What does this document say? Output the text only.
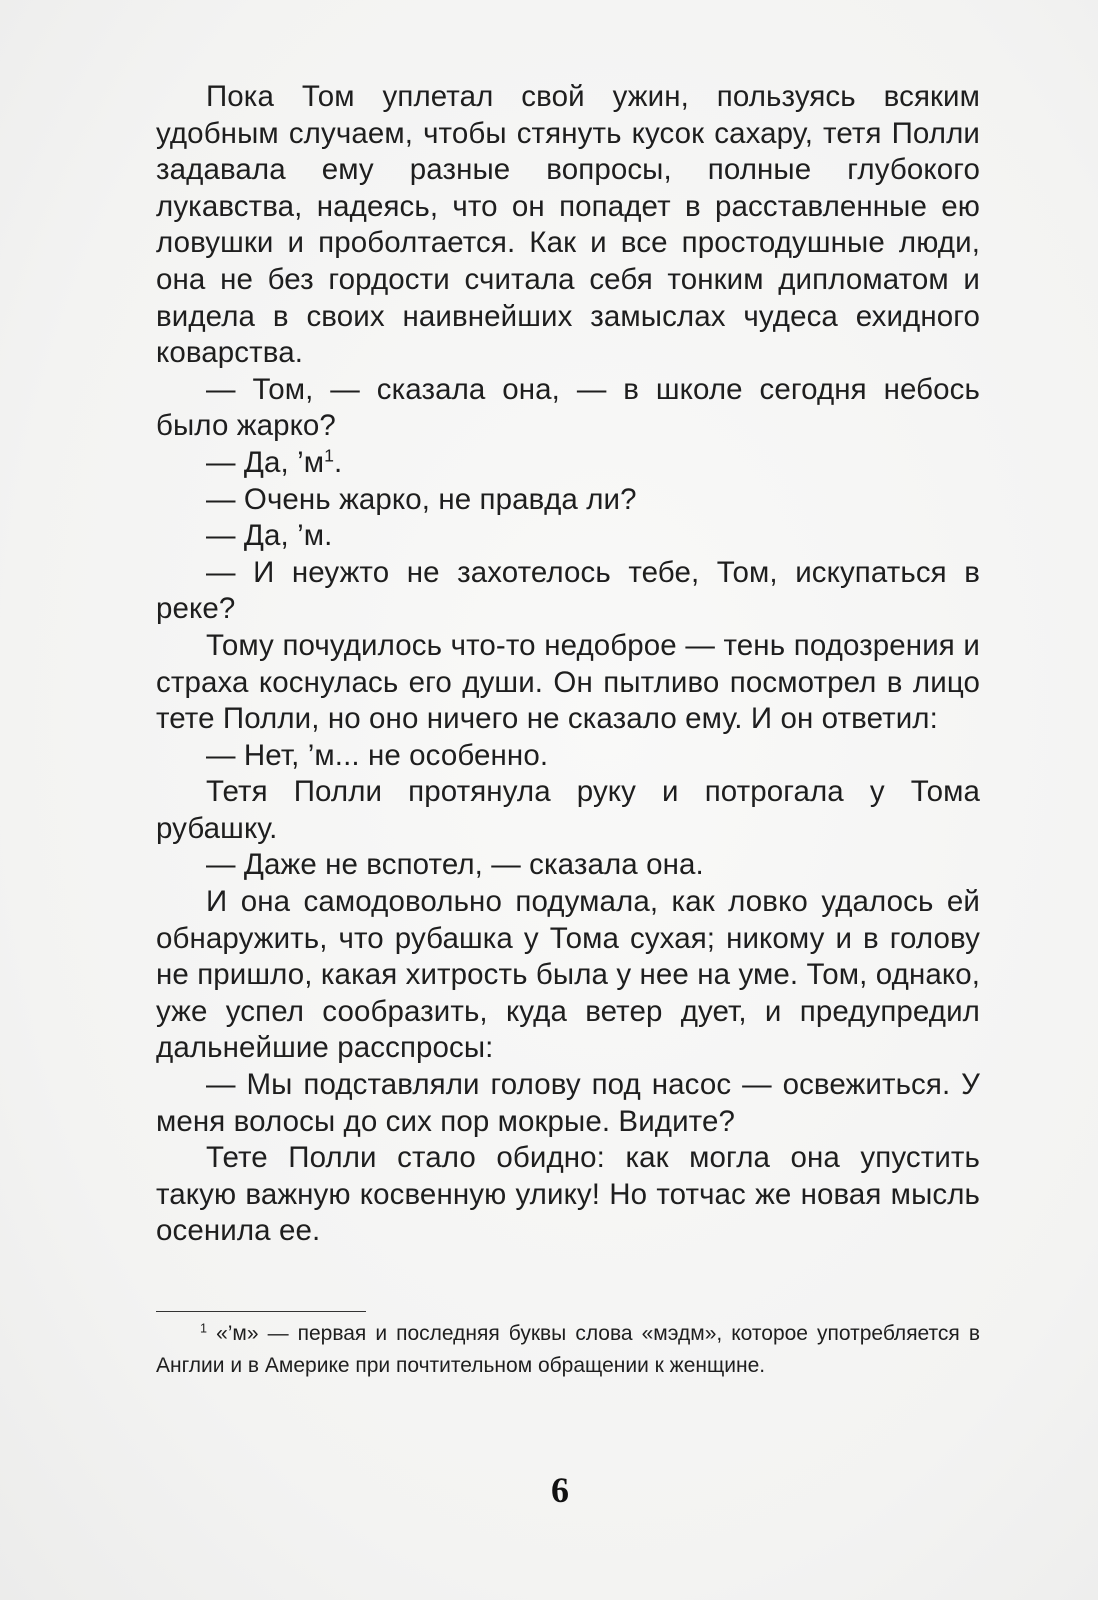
Пока Том уплетал свой ужин, пользуясь всяким удобным случаем, чтобы стянуть кусок сахару, тетя Полли задавала ему разные вопросы, полные глубокого лукавства, надеясь, что он попадет в расставленные ею ловушки и проболтается. Как и все простодушные люди, она не без гордости считала себя тонким дипломатом и видела в своих наивнейших замыслах чудеса ехидного коварства.

— Том, — сказала она, — в школе сегодня небось было жарко?

— Да, $’м^1$.

— Очень жарко, не правда ли?

— Да, ’м.

— И неужто не захотелось тебе, Том, искупаться в реке?

Тому почудилось что-то недоброе — тень подозрения и страха коснулась его души. Он пытливо посмотрел в лицо тете Полли, но оно ничего не сказало ему. И он ответил:

— Нет, ’м... не особенно.

Тетя Полли протянула руку и потрогала у Тома рубашку.

— Даже не вспотел, — сказала она.

И она самодовольно подумала, как ловко удалось ей обнаружить, что рубашка у Тома сухая; никому и в голову не пришло, какая хитрость была у нее на уме. Том, однако, уже успел сообразить, куда ветер дует, и предупредил дальнейшие расспросы:

— Мы подставляли голову под насос — освежиться. У меня волосы до сих пор мокрые. Видите?

Тете Полли стало обидно: как могла она упустить такую важную косвенную улику! Но тотчас же новая мысль осенила ее.

$^1$ «’м» — первая и последняя буквы слова «мэдм», которое употребляется в Англии и в Америке при почтительном обращении к женщине.

6
